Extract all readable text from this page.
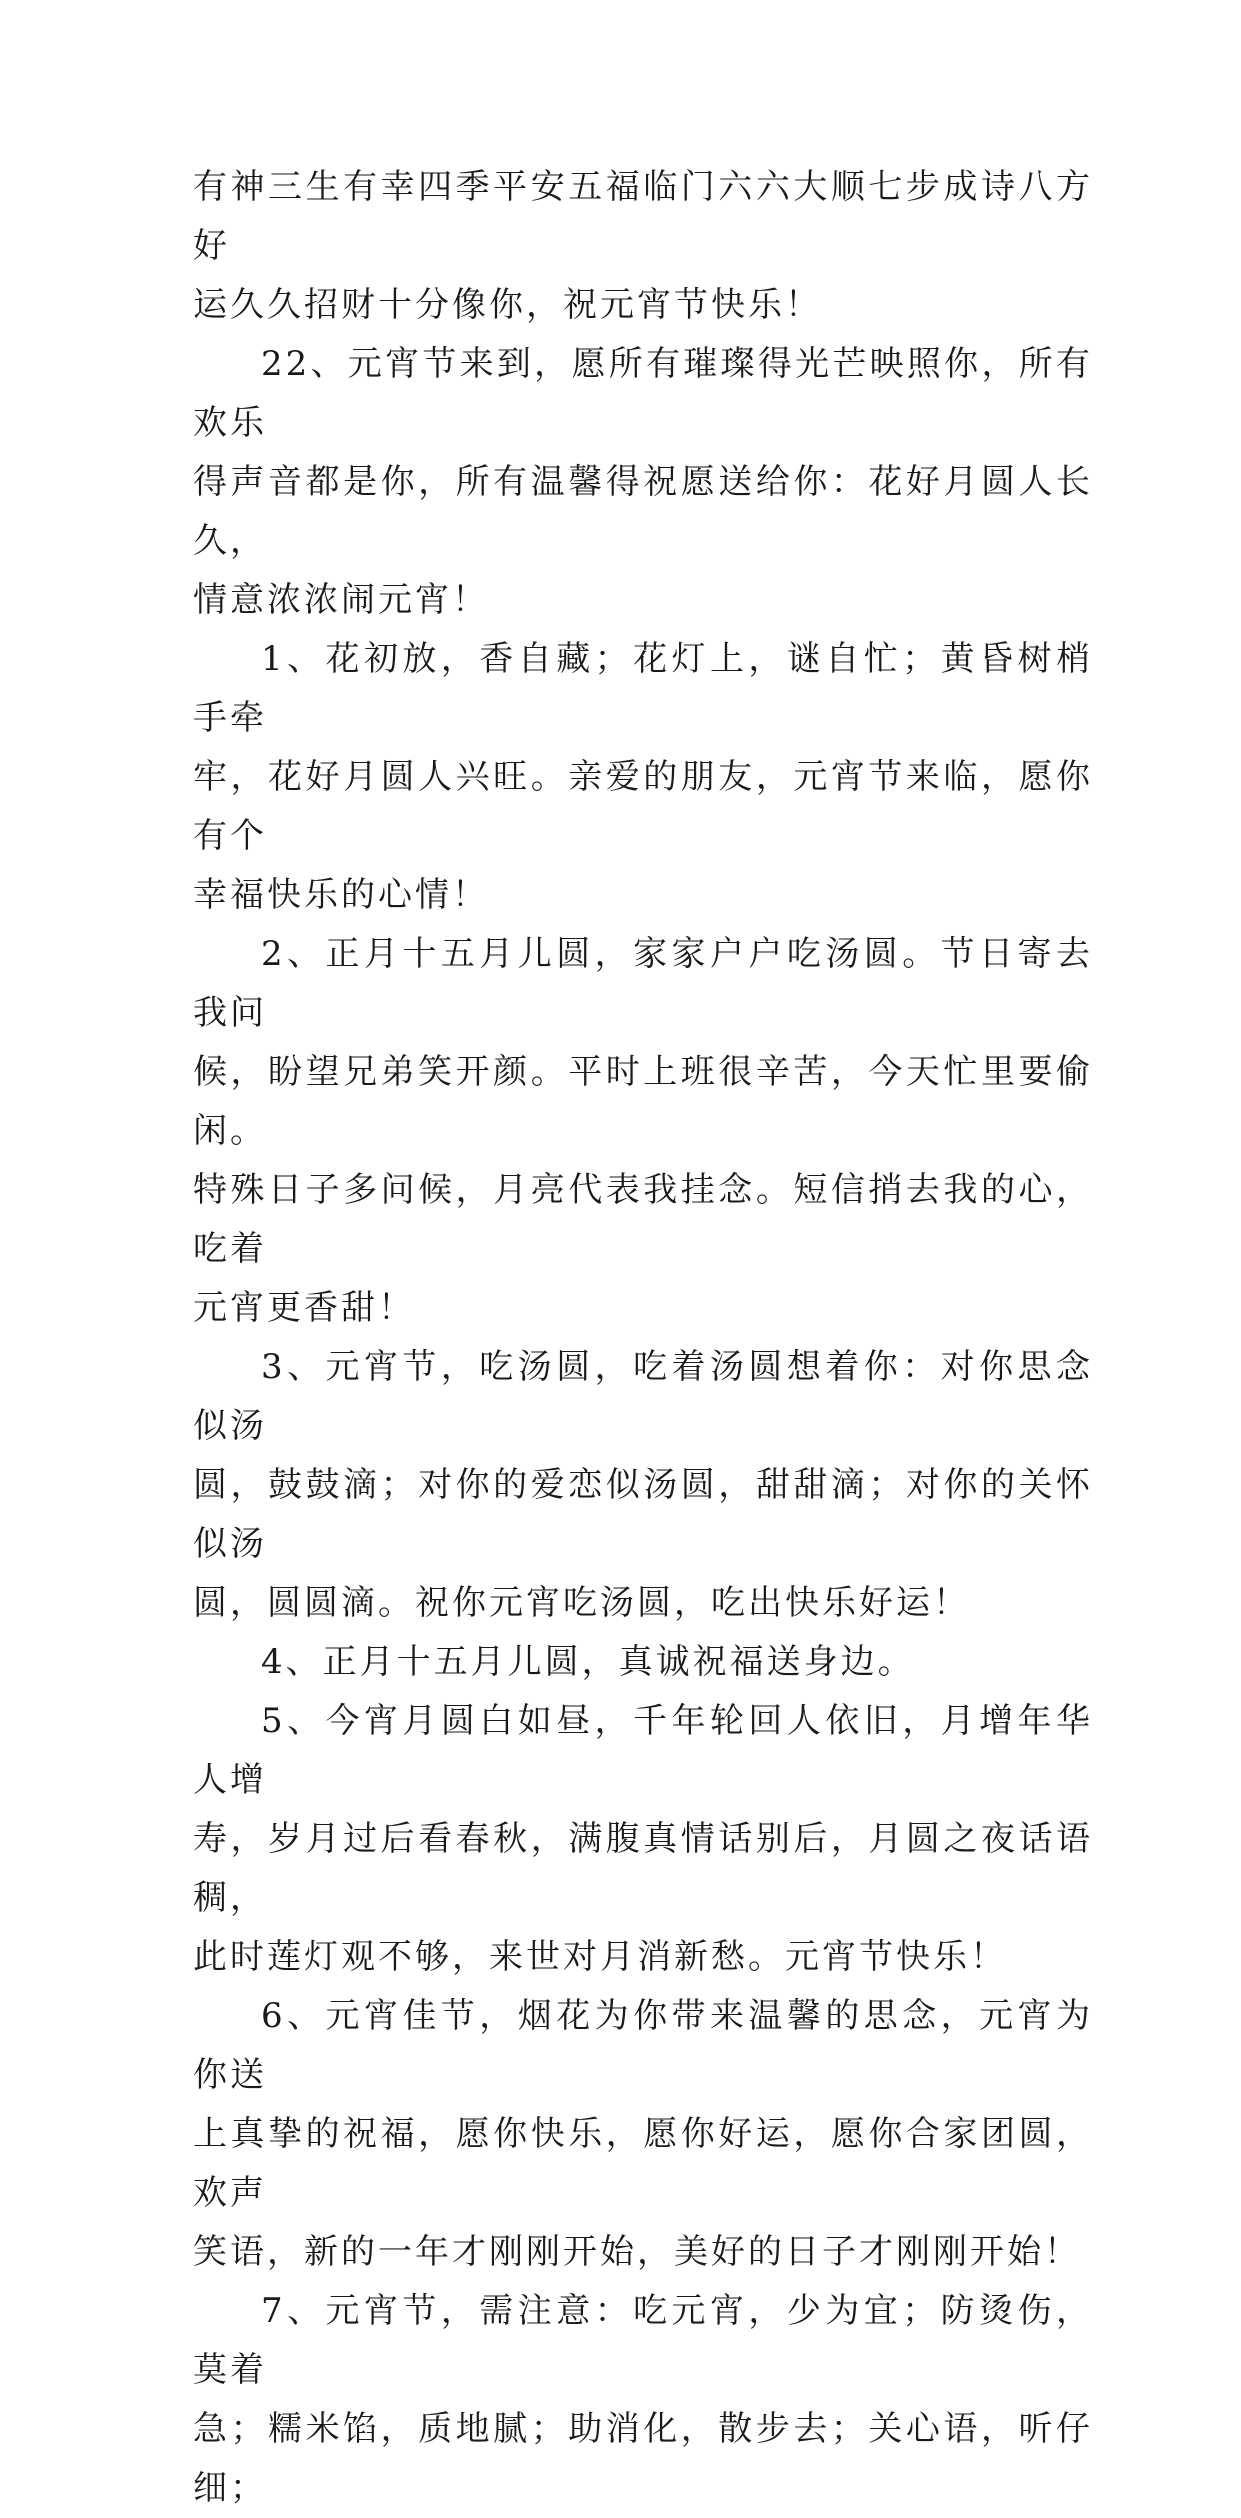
有神三生有幸四季平安五福临门六六大顺七步成诗八方好

运久久招财十分像你，祝元宵节快乐！

22、元宵节来到，愿所有璀璨得光芒映照你，所有欢乐

得声音都是你，所有温馨得祝愿送给你：花好月圆人长久，

情意浓浓闹元宵！

1、花初放，香自藏；花灯上，谜自忙；黄昏树梢手牵

牢，花好月圆人兴旺。亲爱的朋友，元宵节来临，愿你有个

幸福快乐的心情！

2、正月十五月儿圆，家家户户吃汤圆。节日寄去我问

候，盼望兄弟笑开颜。平时上班很辛苦，今天忙里要偷闲。

特殊日子多问候，月亮代表我挂念。短信捎去我的心，吃着

元宵更香甜！

3、元宵节，吃汤圆，吃着汤圆想着你：对你思念似汤

圆，鼓鼓滴；对你的爱恋似汤圆，甜甜滴；对你的关怀似汤

圆，圆圆滴。祝你元宵吃汤圆，吃出快乐好运！

4、正月十五月儿圆，真诚祝福送身边。

5、今宵月圆白如昼，千年轮回人依旧，月增年华人增

寿，岁月过后看春秋，满腹真情话别后，月圆之夜话语稠，

此时莲灯观不够，来世对月消新愁。元宵节快乐！

6、元宵佳节，烟花为你带来温馨的思念，元宵为你送

上真挚的祝福，愿你快乐，愿你好运，愿你合家团圆，欢声

笑语，新的一年才刚刚开始，美好的日子才刚刚开始！

7、元宵节，需注意：吃元宵，少为宜；防烫伤，莫着

急；糯米馅，质地腻；助消化，散步去；关心语，听仔细；
